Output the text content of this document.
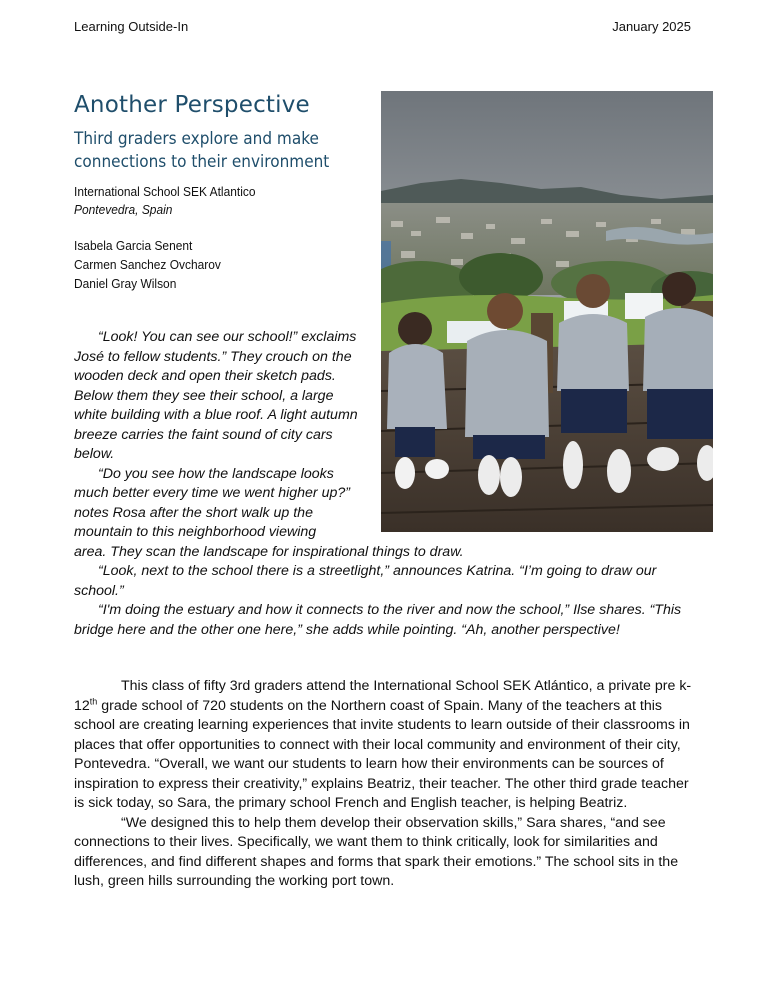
Learning Outside-In	January 2025
Another Perspective
Third graders explore and make connections to their environment
International School SEK Atlantico
Pontevedra, Spain
Isabela Garcia Senent
Carmen Sanchez Ovcharov
Daniel Gray Wilson

“Look! You can see our school!” exclaims José to fellow students.” They crouch on the wooden deck and open their sketch pads. Below them they see their school, a large white building with a blue roof. A light autumn breeze carries the faint sound of city cars below.

“Do you see how the landscape looks much better every time we went higher up?” notes Rosa after the short walk up the mountain to this neighborhood viewing

area. They scan the landscape for inspirational things to draw.

“Look, next to the school there is a streetlight,” announces Katrina. “I’m going to draw our school.”

“I'm doing the estuary and how it connects to the river and now the school,” Ilse shares. “This bridge here and the other one here,” she adds while pointing. “Ah, another perspective!

This class of fifty 3rd graders attend the International School SEK Atlántico, a private pre k-12th grade school of 720 students on the Northern coast of Spain. Many of the teachers at this school are creating learning experiences that invite students to learn outside of their classrooms in places that offer opportunities to connect with their local community and environment of their city, Pontevedra. “Overall, we want our students to learn how their environments can be sources of inspiration to express their creativity,” explains Beatriz, their teacher. The other third grade teacher is sick today, so Sara, the primary school French and English teacher, is helping Beatriz.

“We designed this to help them develop their observation skills,” Sara shares, “and see connections to their lives. Specifically, we want them to think critically, look for similarities and differences, and find different shapes and forms that spark their emotions.” The school sits in the lush, green hills surrounding the working port town.
